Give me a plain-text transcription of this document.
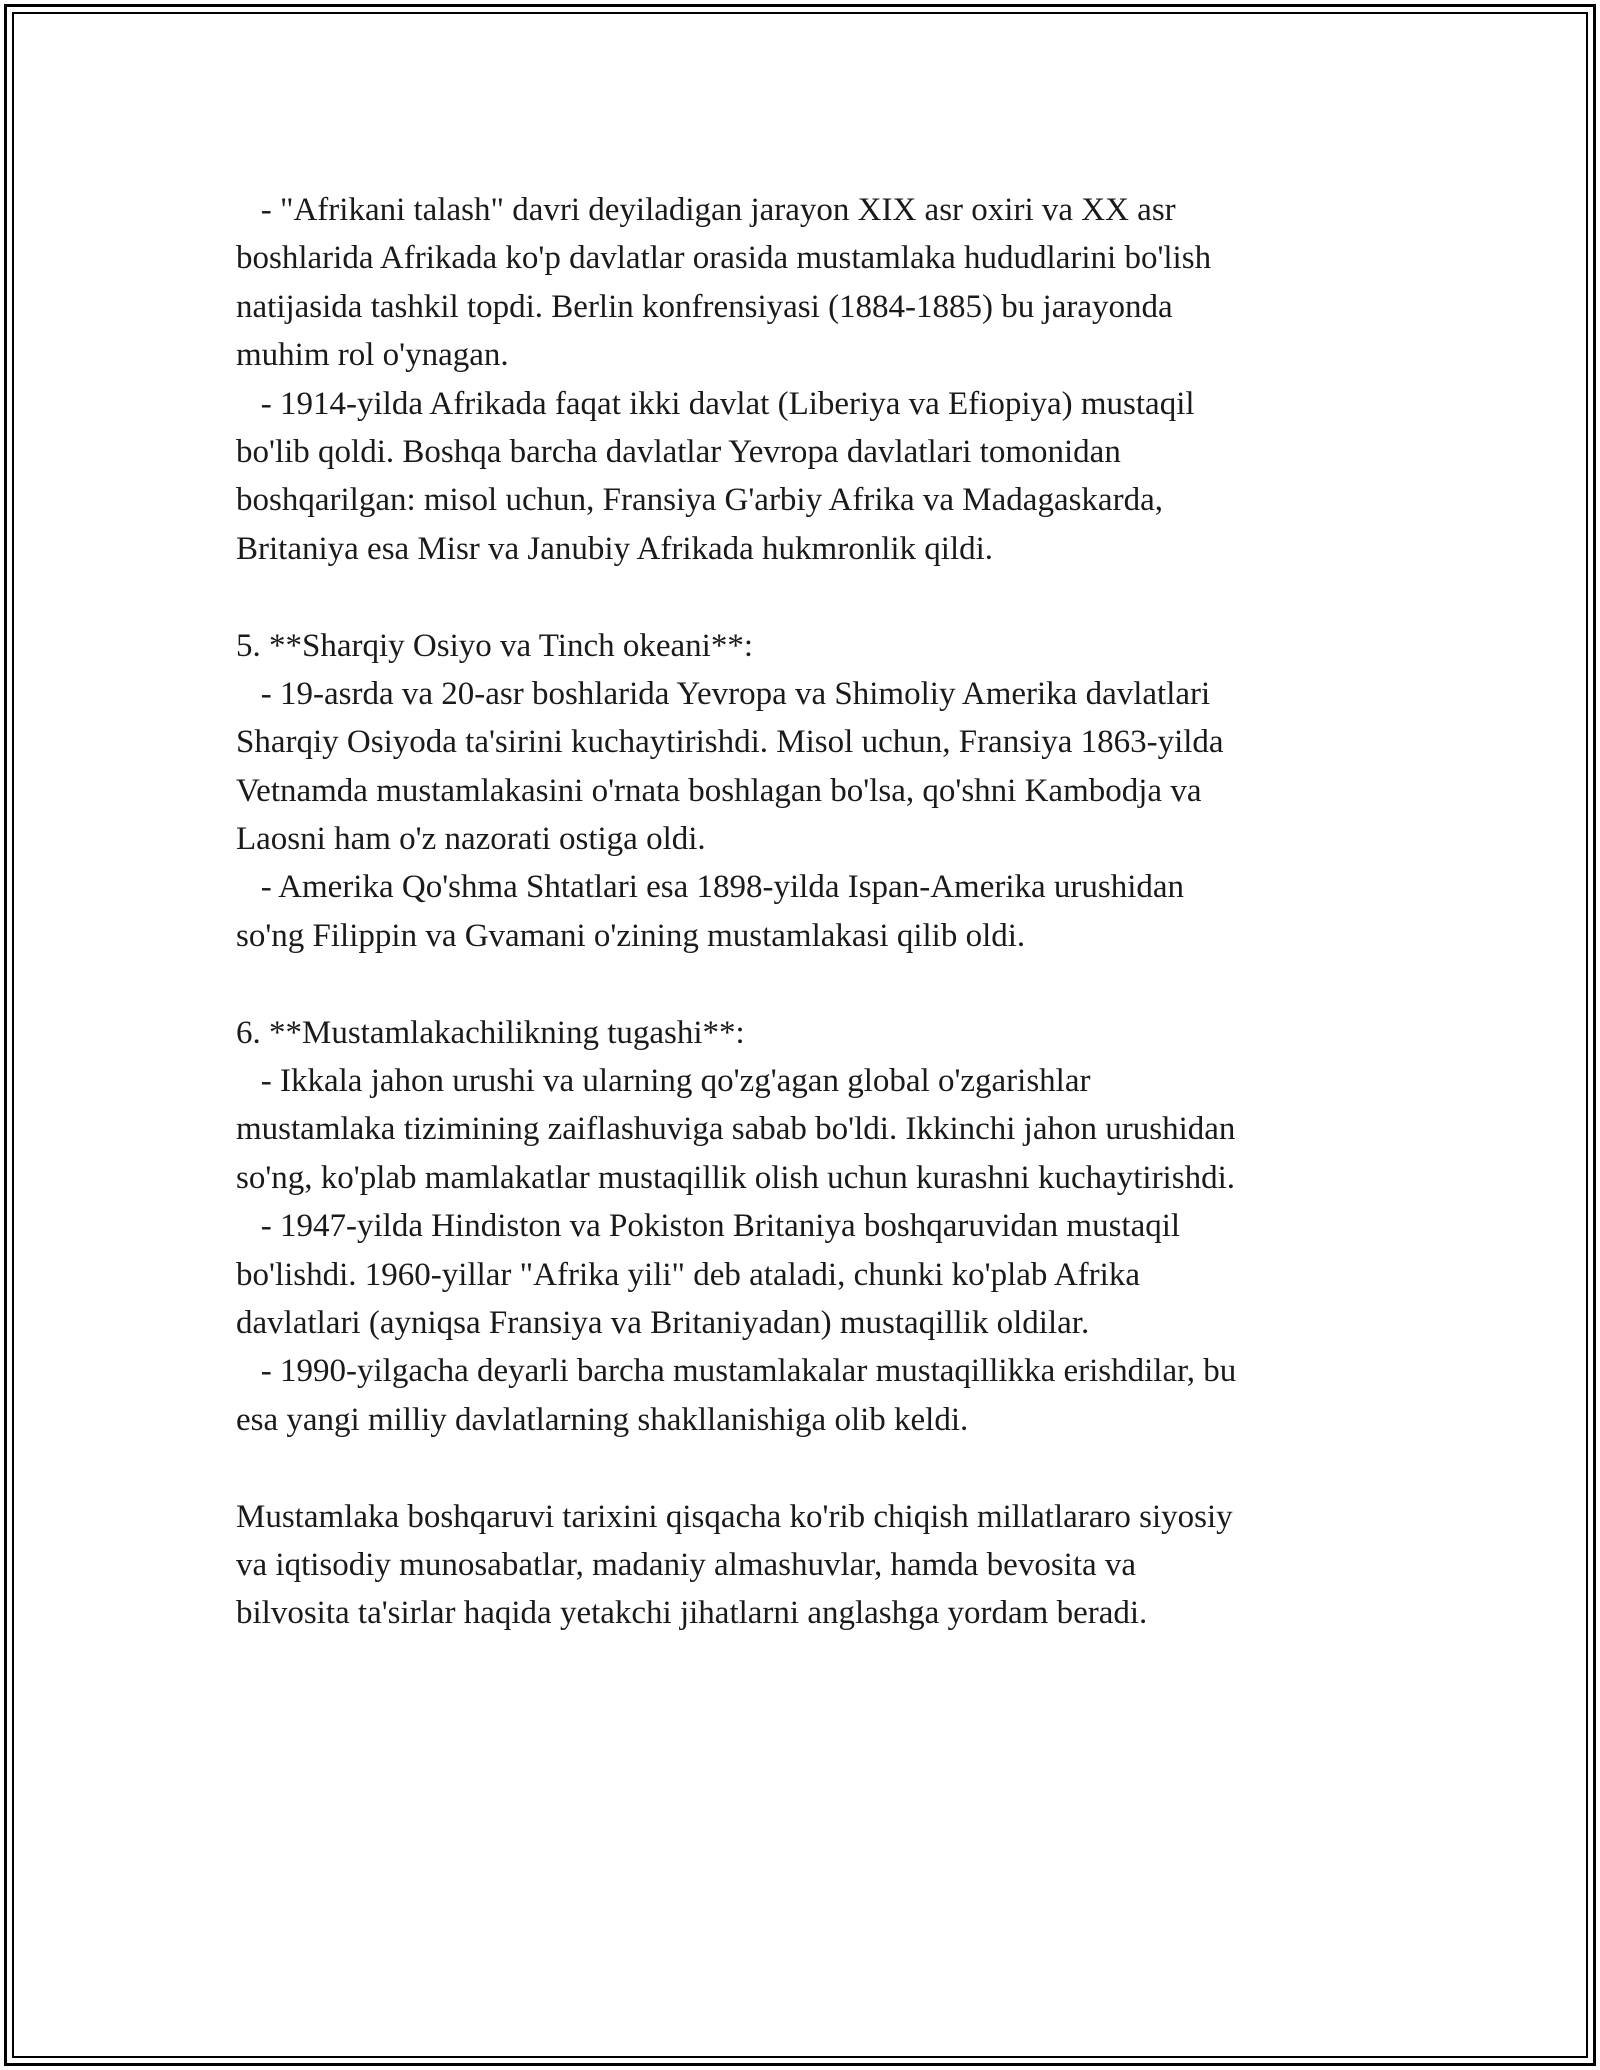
- "Afrikani talash" davri deyiladigan jarayon XIX asr oxiri va XX asr
boshlarida Afrikada ko'p davlatlar orasida mustamlaka hududlarini bo'lish
natijasida tashkil topdi. Berlin konfrensiyasi (1884-1885) bu jarayonda
muhim rol o'ynagan.
- 1914-yilda Afrikada faqat ikki davlat (Liberiya va Efiopiya) mustaqil
bo'lib qoldi. Boshqa barcha davlatlar Yevropa davlatlari tomonidan
boshqarilgan: misol uchun, Fransiya G'arbiy Afrika va Madagaskarda,
Britaniya esa Misr va Janubiy Afrikada hukmronlik qildi.
5. **Sharqiy Osiyo va Tinch okeani**:
- 19-asrda va 20-asr boshlarida Yevropa va Shimoliy Amerika davlatlari
Sharqiy Osiyoda ta'sirini kuchaytirishdi. Misol uchun, Fransiya 1863-yilda
Vetnamda mustamlakasini o'rnata boshlagan bo'lsa, qo'shni Kambodja va
Laosni ham o'z nazorati ostiga oldi.
- Amerika Qo'shma Shtatlari esa 1898-yilda Ispan-Amerika urushidan
so'ng Filippin va Gvamani o'zining mustamlakasi qilib oldi.
6. **Mustamlakachilikning tugashi**:
- Ikkala jahon urushi va ularning qo'zg'agan global o'zgarishlar
mustamlaka tizimining zaiflashuviga sabab bo'ldi. Ikkinchi jahon urushidan
so'ng, ko'plab mamlakatlar mustaqillik olish uchun kurashni kuchaytirishdi.
- 1947-yilda Hindiston va Pokiston Britaniya boshqaruvidan mustaqil
bo'lishdi. 1960-yillar "Afrika yili" deb ataladi, chunki ko'plab Afrika
davlatlari (ayniqsa Fransiya va Britaniyadan) mustaqillik oldilar.
- 1990-yilgacha deyarli barcha mustamlakalar mustaqillikka erishdilar, bu
esa yangi milliy davlatlarning shakllanishiga olib keldi.
Mustamlaka boshqaruvi tarixini qisqacha ko'rib chiqish millatlararo siyosiy
va iqtisodiy munosabatlar, madaniy almashuvlar, hamda bevosita va
bilvosita ta'sirlar haqida yetakchi jihatlarni anglashga yordam beradi.
